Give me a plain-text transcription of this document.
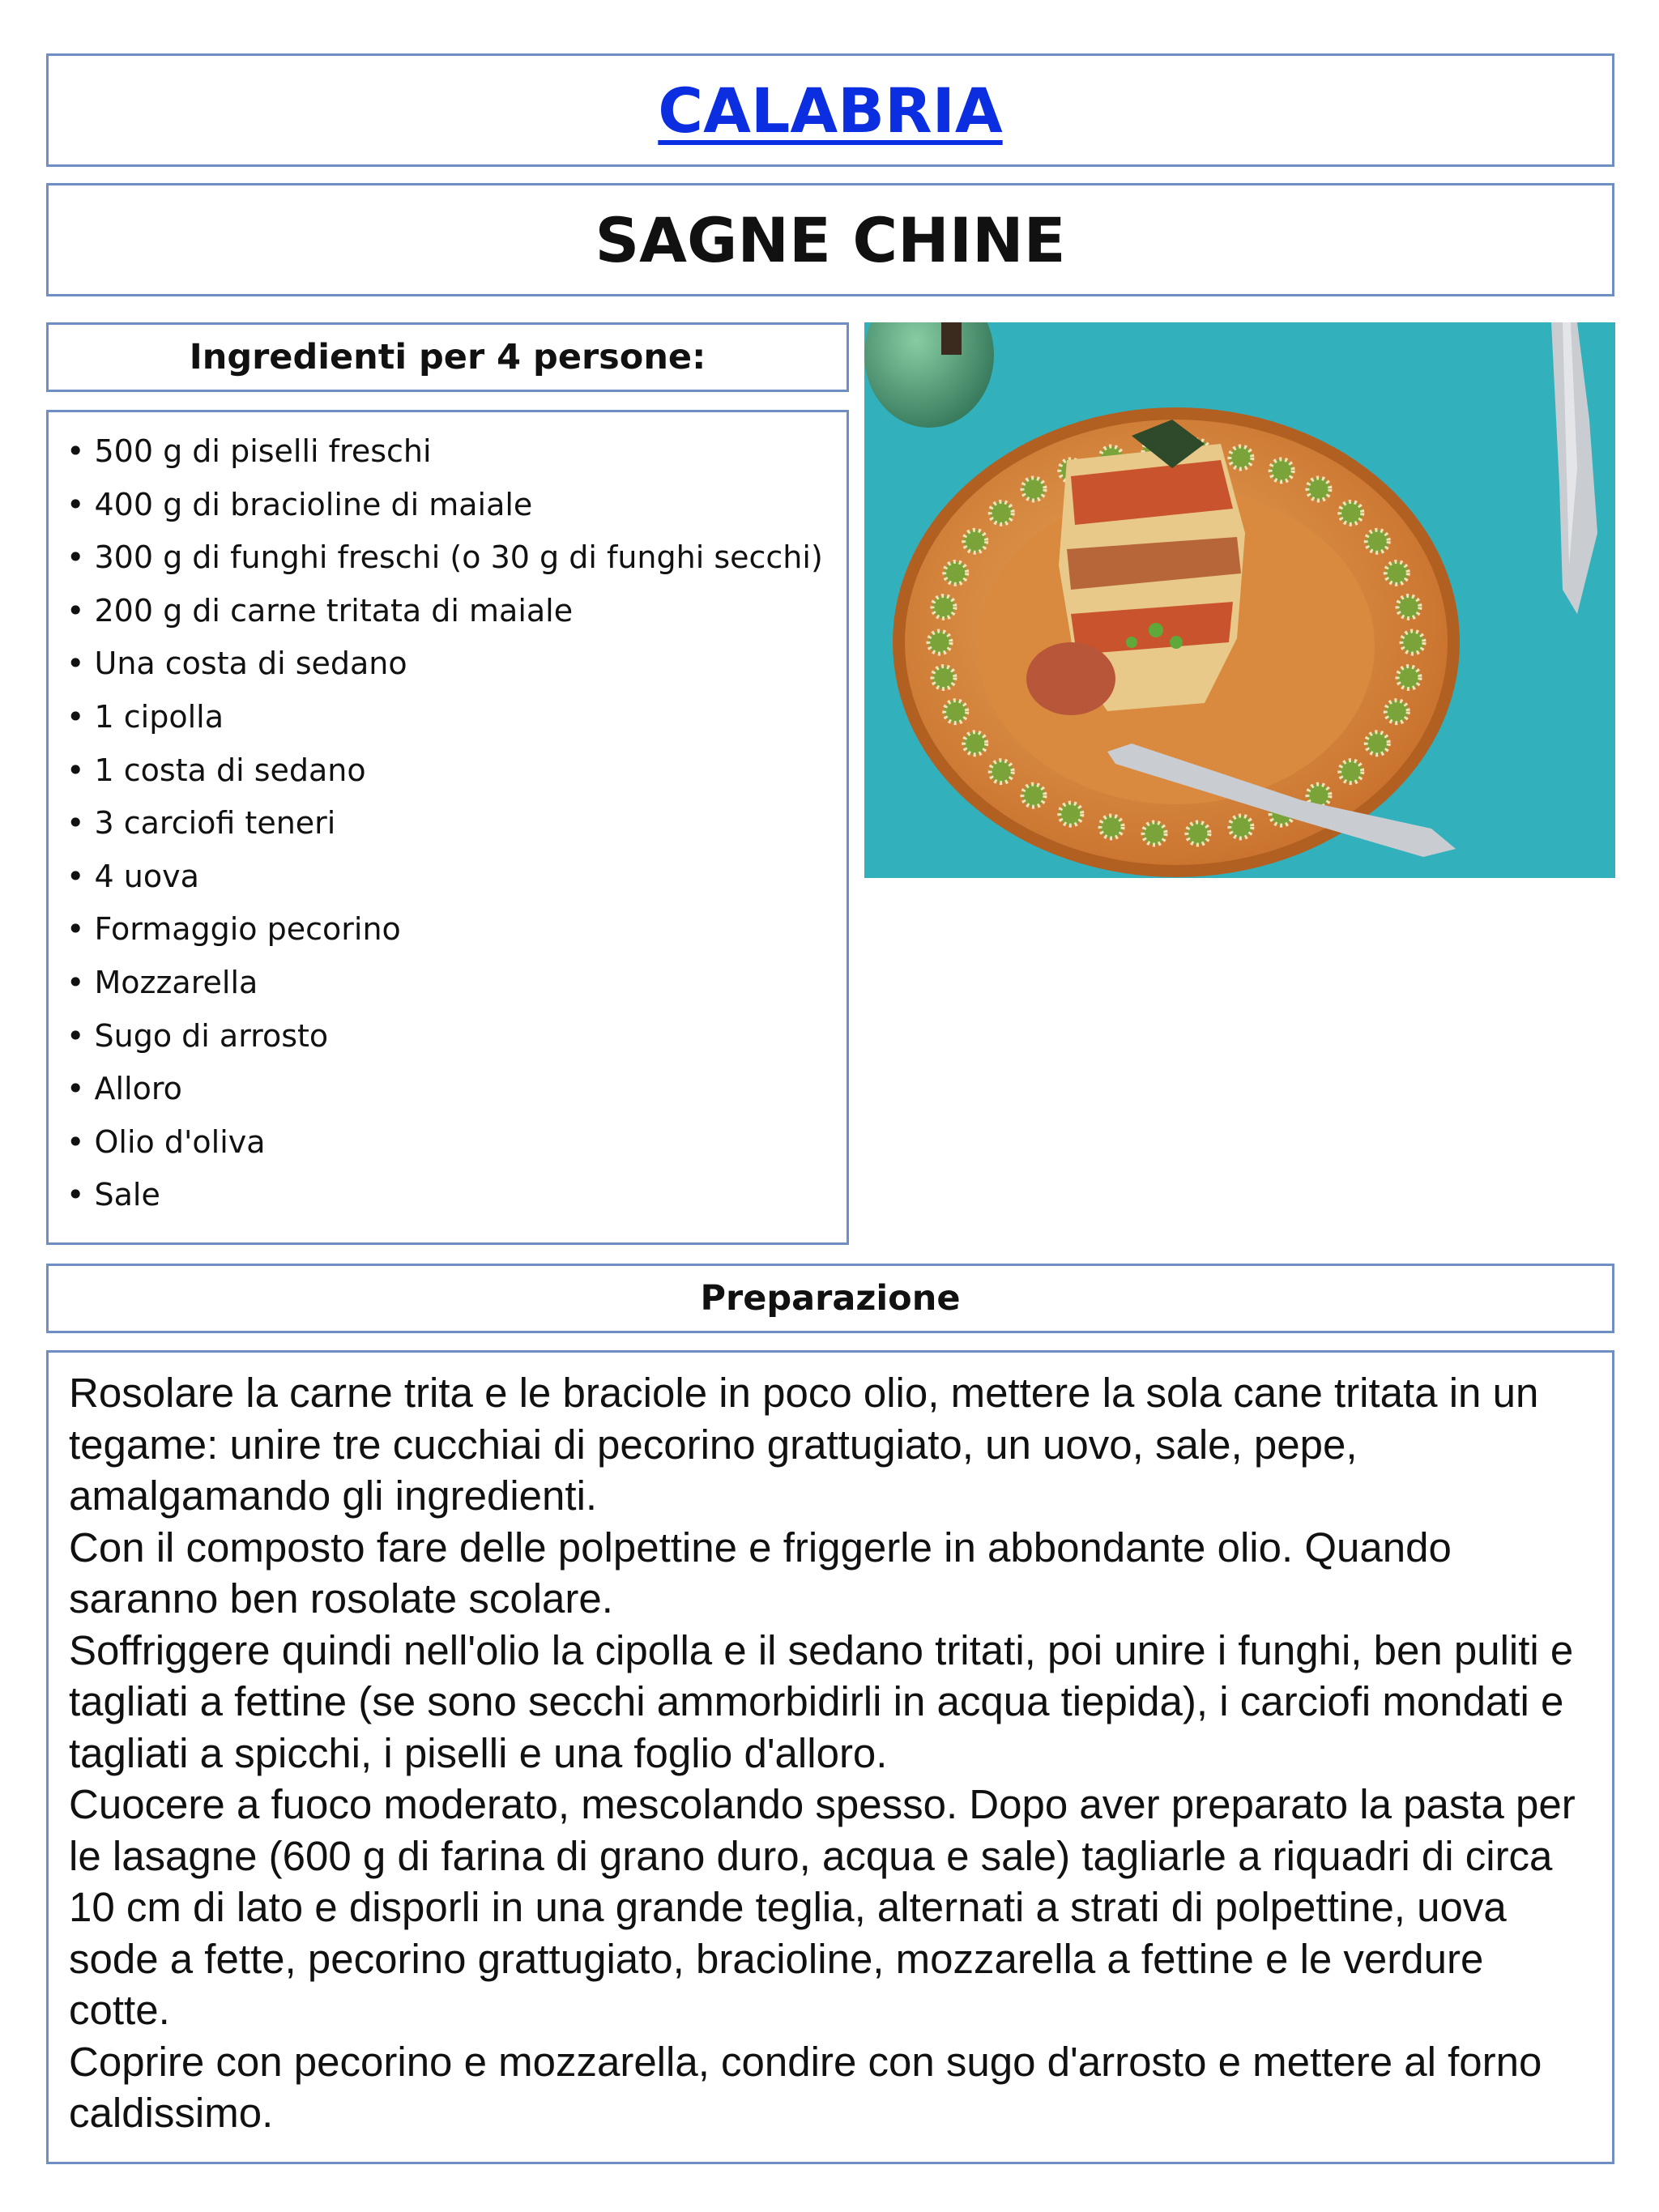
CALABRIA
SAGNE CHINE
Ingredienti per 4 persone:
• 500 g di piselli freschi
• 400 g di bracioline di maiale
• 300 g di funghi freschi (o 30 g di funghi secchi)
• 200 g di carne tritata di maiale
• Una costa di sedano
• 1 cipolla
• 1 costa di sedano
• 3 carciofi teneri
• 4 uova
• Formaggio pecorino
• Mozzarella
• Sugo di arrosto
• Alloro
• Olio d'oliva
• Sale
Preparazione

Rosolare la carne trita e le braciole in poco olio, mettere la sola cane tritata in un tegame: unire tre cucchiai di pecorino grattugiato, un uovo, sale, pepe, amalgamando gli ingredienti.

Con il composto fare delle polpettine e friggerle in abbondante olio. Quando saranno ben rosolate scolare.

Soffriggere quindi nell'olio la cipolla e il sedano tritati, poi unire i funghi, ben puliti e tagliati a fettine (se sono secchi ammorbidirli in acqua tiepida), i carciofi mondati e tagliati a spicchi, i piselli e una foglio d'alloro.

Cuocere a fuoco moderato, mescolando spesso. Dopo aver preparato la pasta per le lasagne (600 g di farina di grano duro, acqua e sale) tagliarle a riquadri di circa 10 cm di lato e disporli in una grande teglia, alternati a strati di polpettine, uova sode a fette, pecorino grattugiato, bracioline, mozzarella a fettine e le verdure cotte.

Coprire con pecorino e mozzarella, condire con sugo d'arrosto e mettere al forno caldissimo.
